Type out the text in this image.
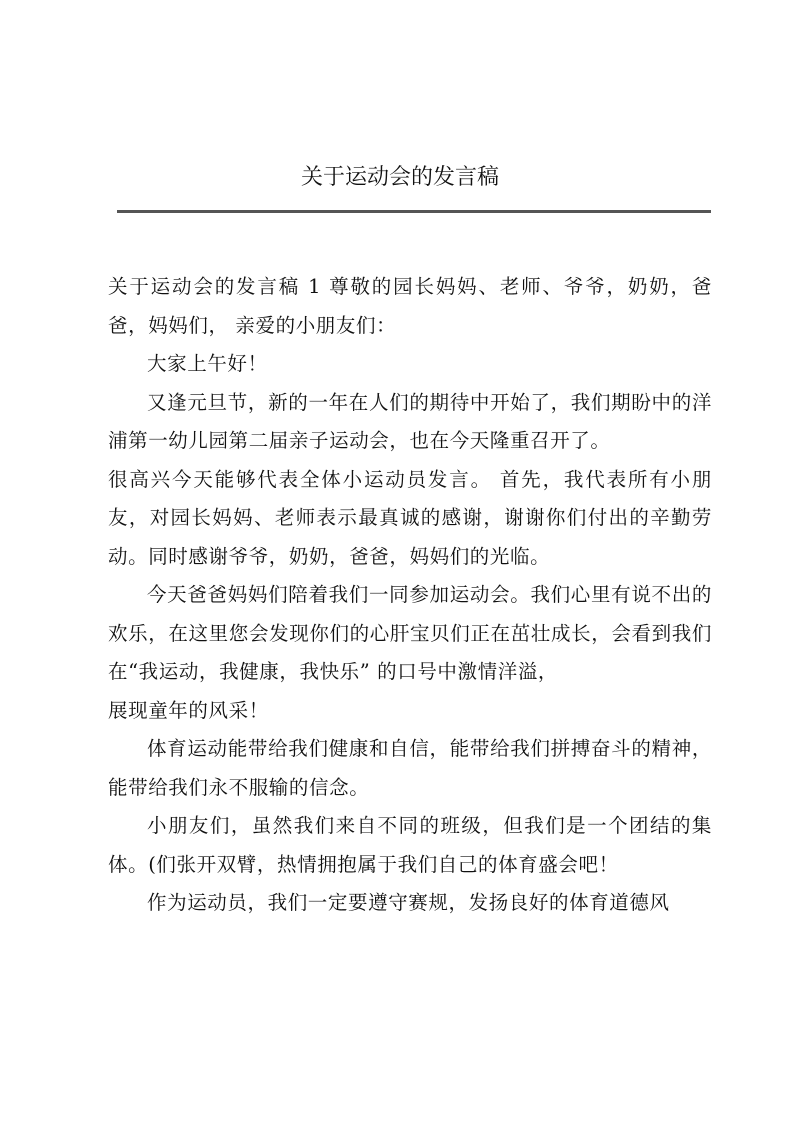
关于运动会的发言稿

关于运动会的发言稿 1 尊敬的园长妈妈、老师、爷爷，奶奶，爸爸，妈妈们， 亲爱的小朋友们：

大家上午好！

又逢元旦节，新的一年在人们的期待中开始了，我们期盼中的洋浦第一幼儿园第二届亲子运动会，也在今天隆重召开了。

很高兴今天能够代表全体小运动员发言。 首先，我代表所有小朋友，对园长妈妈、老师表示最真诚的感谢，谢谢你们付出的辛勤劳动。同时感谢爷爷，奶奶，爸爸，妈妈们的光临。

今天爸爸妈妈们陪着我们一同参加运动会。我们心里有说不出的欢乐，在这里您会发现你们的心肝宝贝们正在茁壮成长，会看到我们在“我运动，我健康，我快乐” 的口号中激情洋溢，

展现童年的风采！

体育运动能带给我们健康和自信，能带给我们拼搏奋斗的精神，能带给我们永不服输的信念。

小朋友们，虽然我们来自不同的班级，但我们是一个团结的集体。(们张开双臂，热情拥抱属于我们自己的体育盛会吧！

作为运动员，我们一定要遵守赛规，发扬良好的体育道德风
